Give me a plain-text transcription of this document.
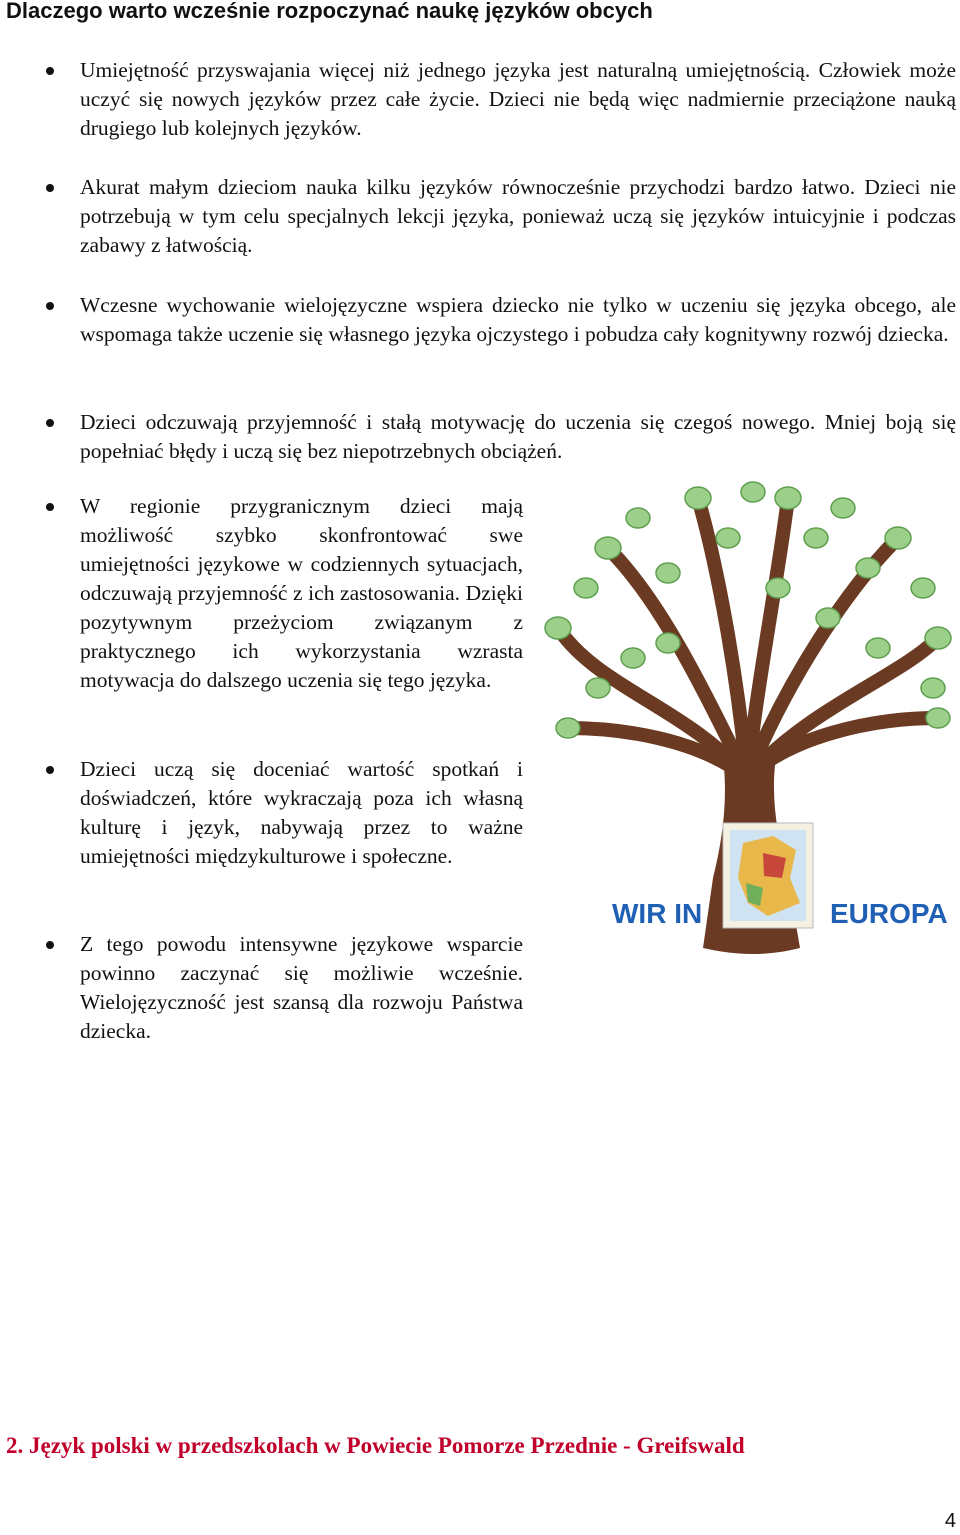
Dlaczego warto wcześnie rozpoczynać naukę języków obcych

Umiejętność przyswajania więcej niż jednego języka jest naturalną umiejętnością. Człowiek może uczyć się nowych języków przez całe życie. Dzieci nie będą więc nadmiernie przeciążone nauką drugiego lub kolejnych języków.

Akurat małym dzieciom nauka kilku języków równocześnie przychodzi bardzo łatwo. Dzieci nie potrzebują w tym celu specjalnych lekcji języka, ponieważ uczą się języków intuicyjnie i podczas zabawy z łatwością.

Wczesne wychowanie wielojęzyczne wspiera dziecko nie tylko w uczeniu się języka obcego, ale wspomaga także uczenie się własnego języka ojczystego i pobudza cały kognitywny rozwój dziecka.

Dzieci odczuwają przyjemność i stałą motywację do uczenia się czegoś nowego. Mniej boją się popełniać błędy i uczą się bez niepotrzebnych obciążeń.

W regionie przygranicznym dzieci mają możliwość szybko skonfrontować swe umiejętności językowe w codziennych sytuacjach, odczuwają przyjemność z ich zastosowania. Dzięki pozytywnym przeżyciom związanym z praktycznego ich wykorzystania wzrasta motywacja do dalszego uczenia się tego języka.

Dzieci uczą się doceniać wartość spotkań i doświadczeń, które wykraczają poza ich własną kulturę i język, nabywają przez to ważne umiejętności międzykulturowe i społeczne.

Z tego powodu intensywne językowe wsparcie powinno zaczynać się możliwie wcześnie. Wielojęzyczność jest szansą dla rozwoju Państwa dziecka.

WIR IN	EUROPA
2. Język polski w przedszkolach w Powiecie Pomorze Przednie - Greifswald
4
